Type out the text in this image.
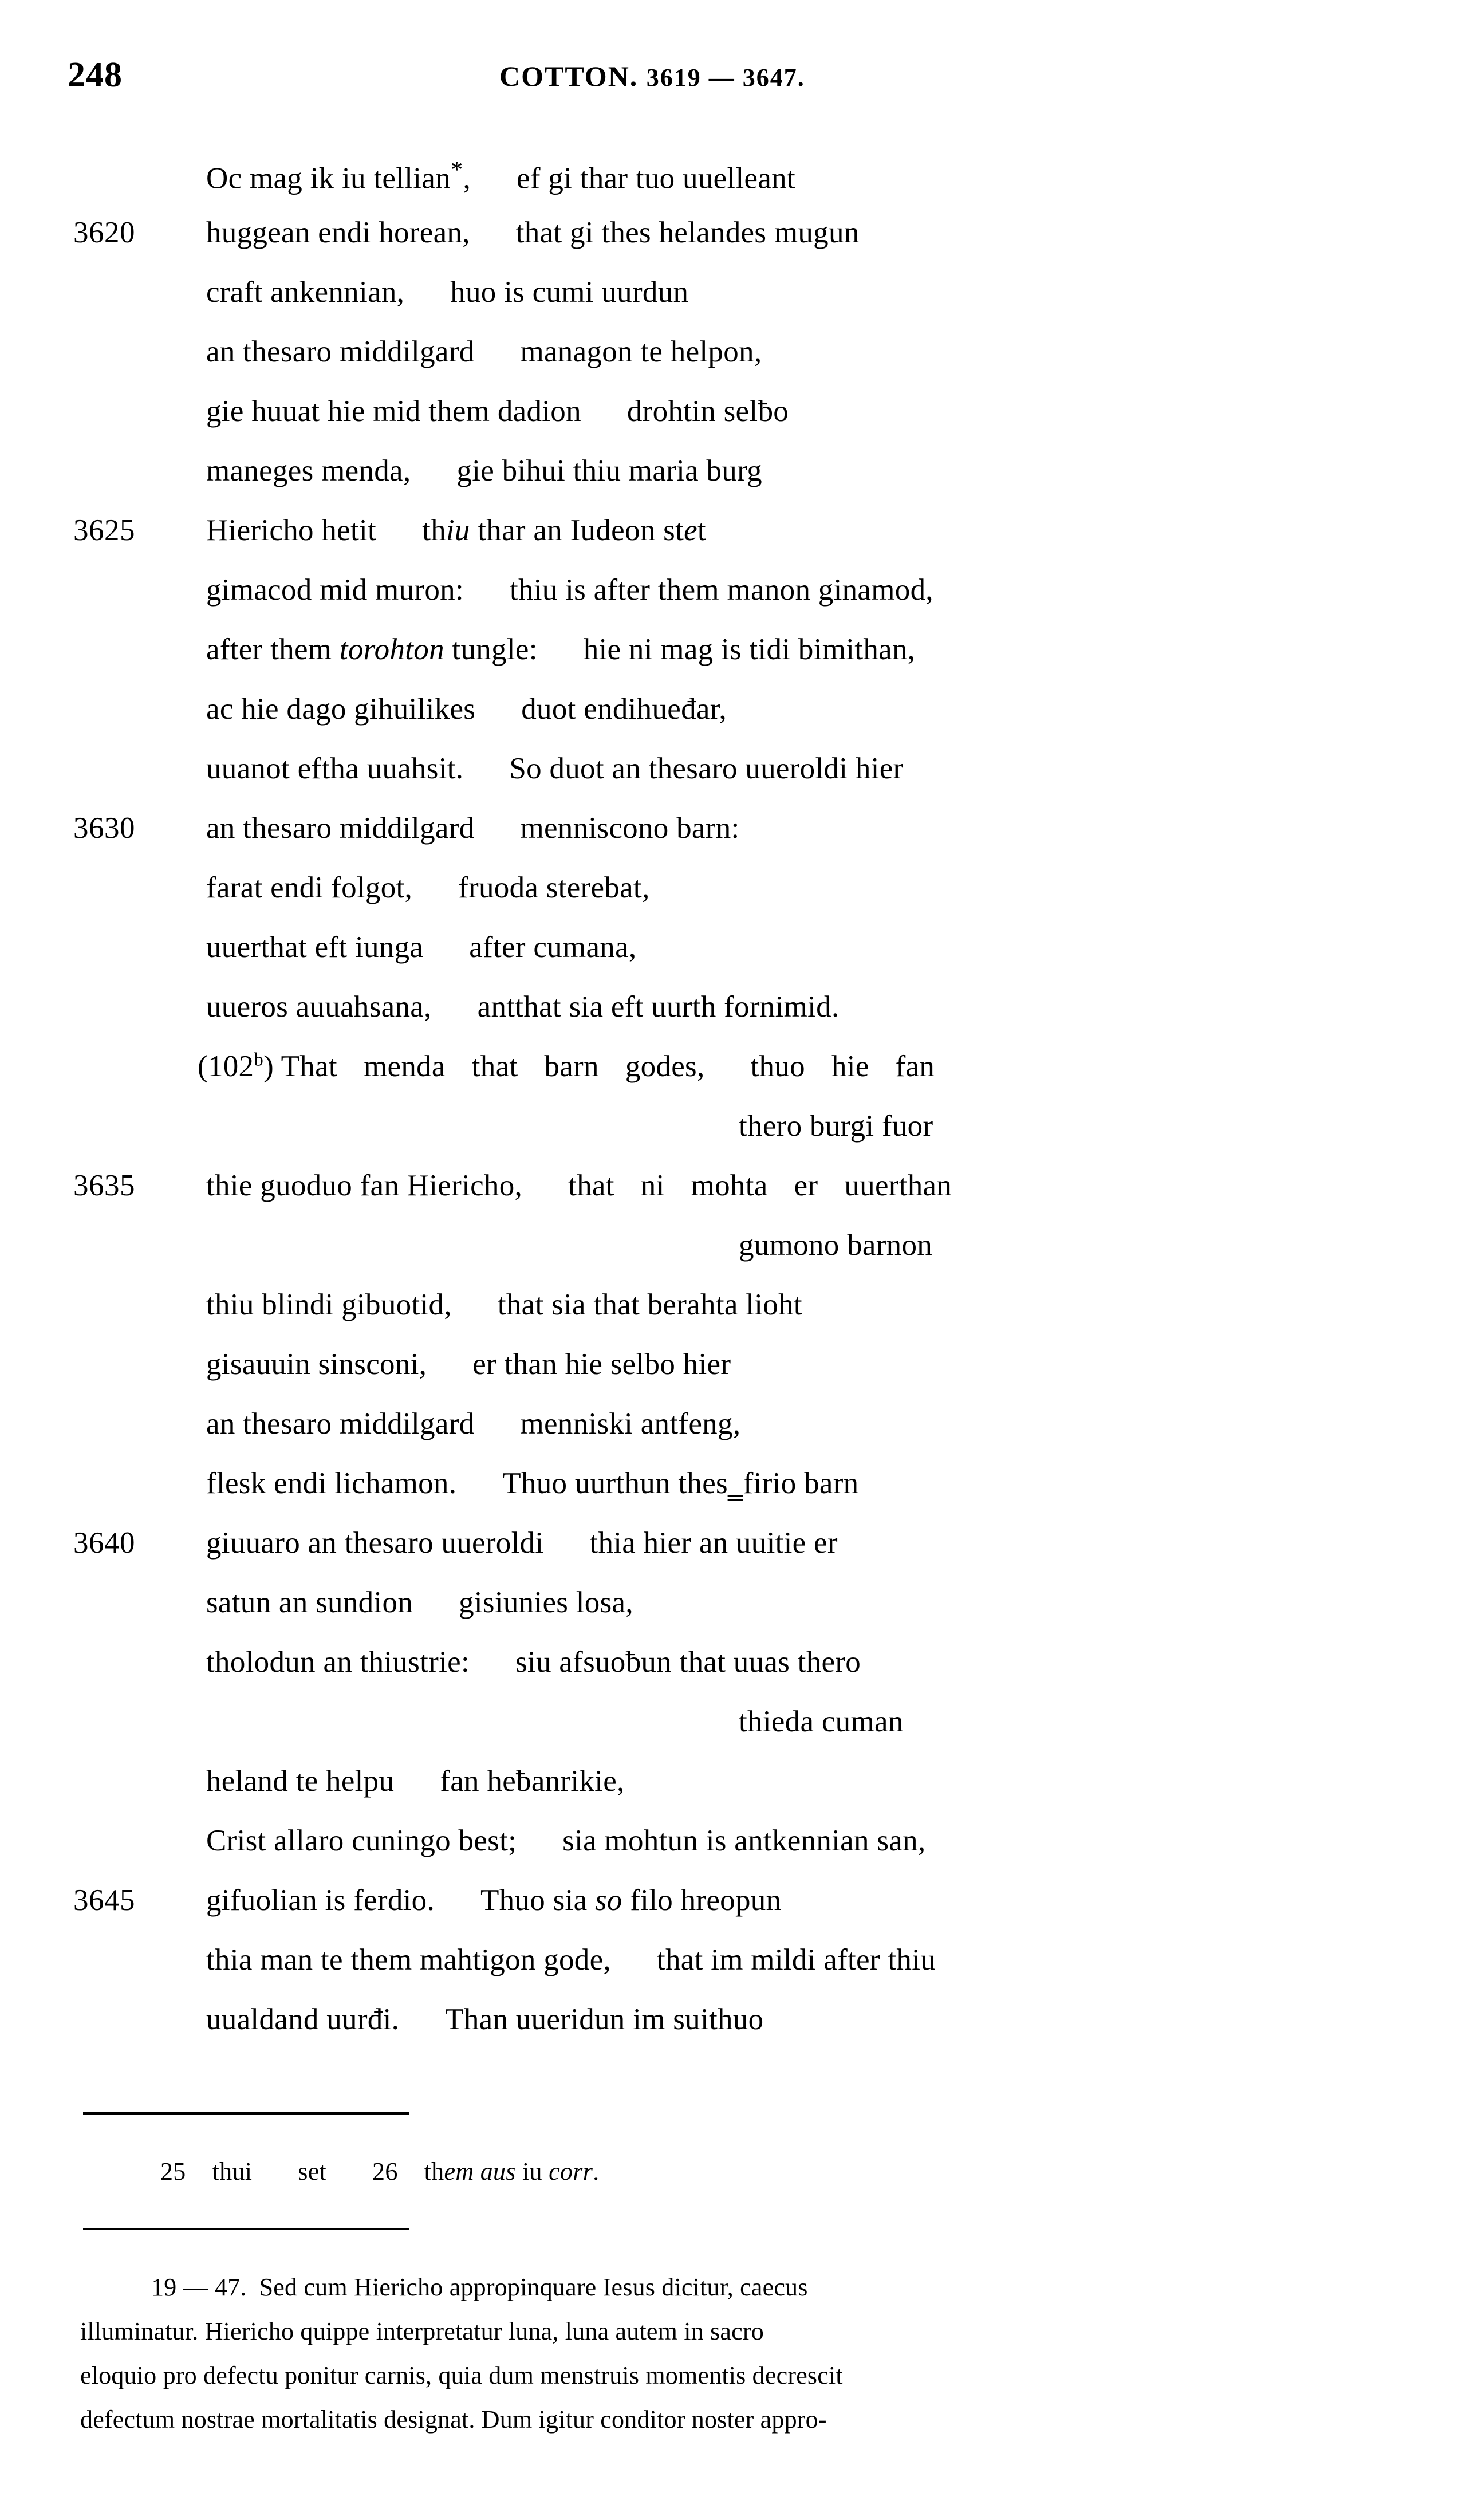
248	COTTON. 3619 — 3647.
Oc mag ik iu tellian*, ef gi thar tuo uuelleant
3620	huggean endi horean, that gi thes helandes mugun
craft ankennian, huo is cumi uurdun
an thesaro middilgard managon te helpon,
gie huuat hie mid them dadion drohtin selƀo
maneges menda, gie bihui thiu maria burg
3625	Hiericho hetit thiu thar an Iudeon stet
gimacod mid muron: thiu is after them manon ginamod,
after them torohton tungle: hie ni mag is tidi bimithan,
ac hie dago gihuilikes duot endihueđar,
uuanot eftha uuahsit. So duot an thesaro uueroldi hier
3630	an thesaro middilgard menniscono barn:
farat endi folgot, fruoda sterebat,
uuerthat eft iunga after cumana,
uueros auuahsana, antthat sia eft uurth fornimid.
(102$^b$) That menda that barn godes, thuo hie fan
thero burgi fuor
3635	thie guoduo fan Hiericho, that ni mohta er uuerthan
gumono barnon
thiu blindi gibuotid, that sia that berahta lioht
gisauuin sinsconi, er than hie selbo hier
an thesaro middilgard menniski antfeng,
flesk endi lichamon. Thuo uurthun thes‗firio barn
3640	giuuaro an thesaro uueroldi thia hier an uuitie er
satun an sundion gisiunies losa,
tholodun an thiustrie: siu afsuoƀun that uuas thero
thieda cuman
heland te helpu fan heƀanrikie,
Crist allaro cuningo best; sia mohtun is antkennian san,
3645	gifuolian is ferdio. Thuo sia so filo hreopun
thia man te them mahtigon gode, that im mildi after thiu
uualdand uurđi. Than uueridun im suithuo
25 thui set 26 them aus iu corr.
19 — 47. Sed cum Hiericho appropinquare Iesus dicitur, caecus
illuminatur. Hiericho quippe interpretatur luna, luna autem in sacro
eloquio pro defectu ponitur carnis, quia dum menstruis momentis decrescit
defectum nostrae mortalitatis designat. Dum igitur conditor noster appro-
